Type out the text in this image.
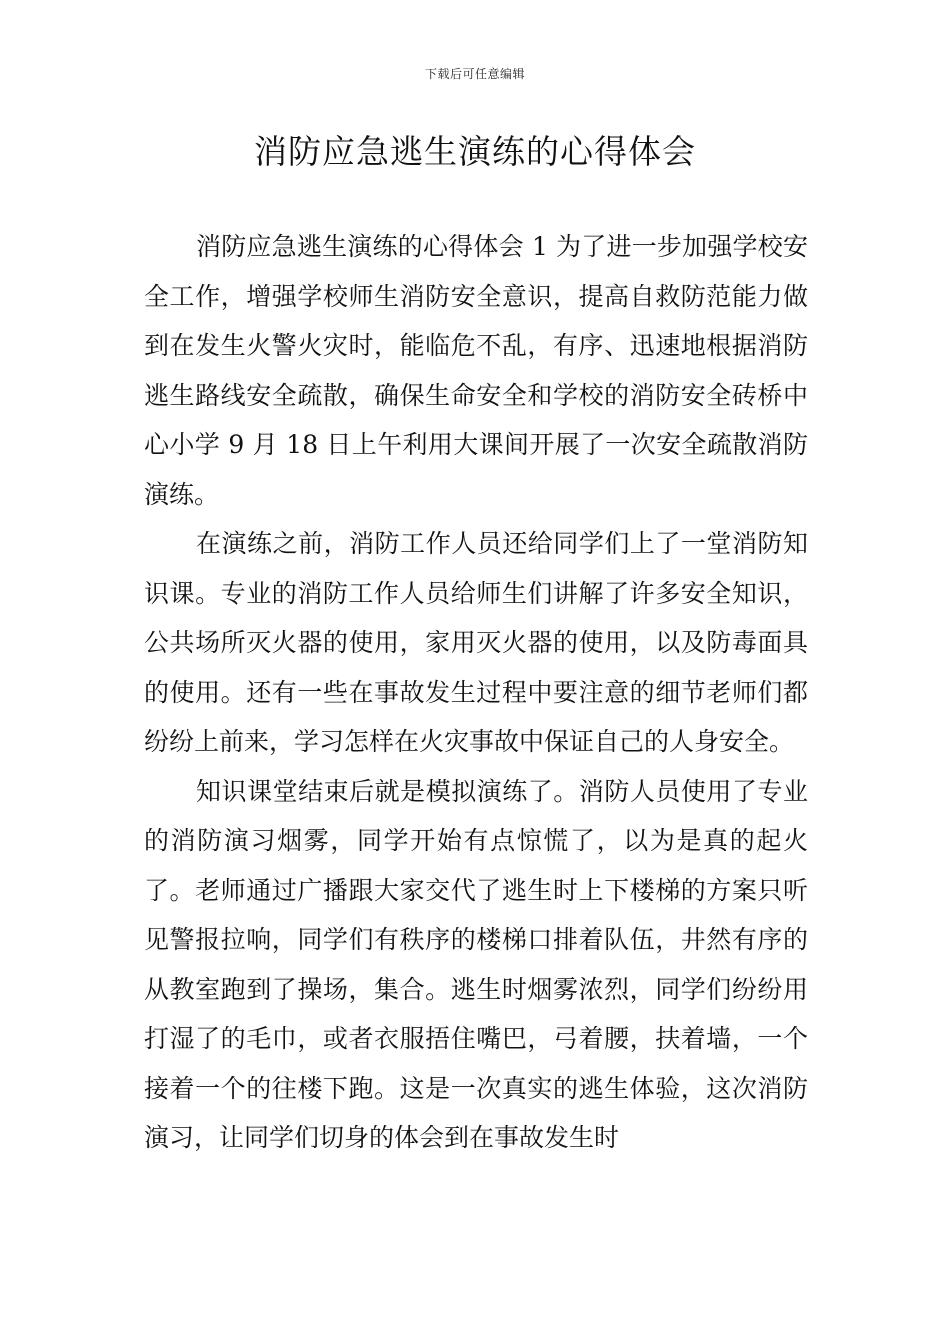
下载后可任意编辑
消防应急逃生演练的心得体会

消防应急逃生演练的心得体会 1 为了进一步加强学校安全工作，增强学校师生消防安全意识，提高自救防范能力做到在发生火警火灾时，能临危不乱，有序、迅速地根据消防逃生路线安全疏散，确保生命安全和学校的消防安全砖桥中心小学 9 月 18 日上午利用大课间开展了一次安全疏散消防演练。

在演练之前，消防工作人员还给同学们上了一堂消防知识课。专业的消防工作人员给师生们讲解了许多安全知识，公共场所灭火器的使用，家用灭火器的使用，以及防毒面具的使用。还有一些在事故发生过程中要注意的细节老师们都纷纷上前来，学习怎样在火灾事故中保证自己的人身安全。

知识课堂结束后就是模拟演练了。消防人员使用了专业的消防演习烟雾，同学开始有点惊慌了，以为是真的起火了。老师通过广播跟大家交代了逃生时上下楼梯的方案只听见警报拉响，同学们有秩序的楼梯口排着队伍，井然有序的从教室跑到了操场，集合。逃生时烟雾浓烈，同学们纷纷用打湿了的毛巾，或者衣服捂住嘴巴，弓着腰，扶着墙，一个接着一个的往楼下跑。这是一次真实的逃生体验，这次消防演习，让同学们切身的体会到在事故发生时
